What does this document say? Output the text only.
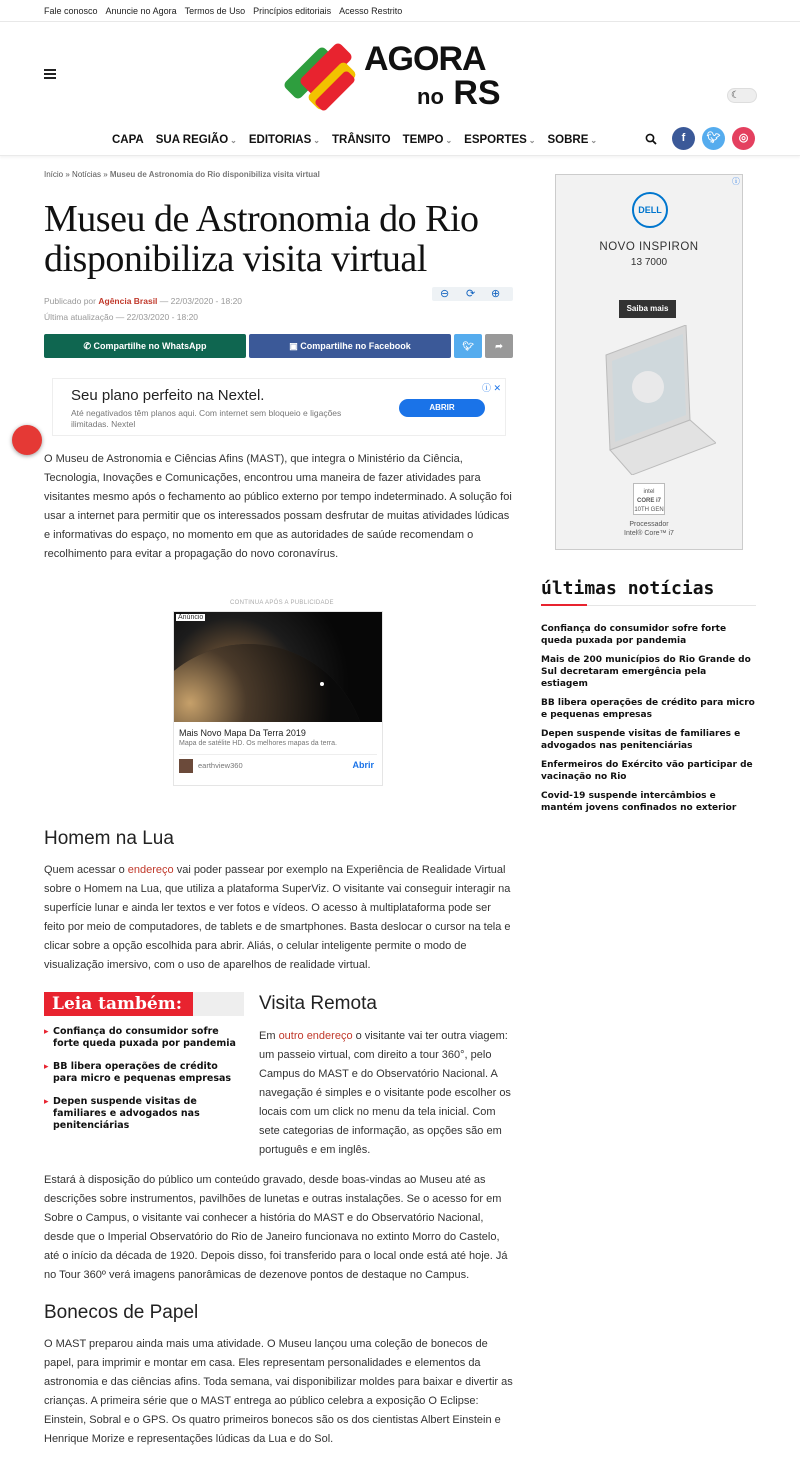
Fale conosco Anuncie no Agora Termos de Uso Princípios editoriais Acesso Restrito
AGORA
no RS	☾
CAPA SUA REGIÃO ⌄ EDITORIAS ⌄ TRÂNSITO TEMPO ⌄ ESPORTES ⌄ SOBRE ⌄	f	🐦︎	◎
Início » Notícias » Museu de Astronomia do Rio disponibiliza visita virtual
Museu de Astronomia do Rio disponibiliza visita virtual
Publicado por Agência Brasil — 22/03/2020 - 18:20
Última atualização — 22/03/2020 - 18:20
⊖ ⟳ ⊕
✆ Compartilhe no WhatsApp	▣ Compartilhe no Facebook	🐦︎	➦
Seu plano perfeito na Nextel.
Até negativados têm planos aqui. Com internet sem bloqueio e ligações ilimitadas. Nextel
ABRIR
ⓘ ✕

O Museu de Astronomia e Ciências Afins (MAST), que integra o Ministério da Ciência, Tecnologia, Inovações e Comunicações, encontrou uma maneira de fazer atividades para visitantes mesmo após o fechamento ao público externo por tempo indeterminado. A solução foi usar a internet para permitir que os interessados possam desfrutar de muitas atividades lúdicas e informativas do espaço, no momento em que as autoridades de saúde recomendam o recolhimento para evitar a propagação do novo coronavírus.

CONTINUA APÓS A PUBLICIDADE
Anúncio
Mais Novo Mapa Da Terra 2019
Mapa de satélite HD. Os melhores mapas da terra.
earthview360	Abrir
Homem na Lua

Quem acessar o endereço vai poder passear por exemplo na Experiência de Realidade Virtual sobre o Homem na Lua, que utiliza a plataforma SuperViz. O visitante vai conseguir interagir na superfície lunar e ainda ler textos e ver fotos e vídeos. O acesso à multiplataforma pode ser feito por meio de computadores, de tablets e de smartphones. Basta deslocar o cursor na tela e clicar sobre a opção escolhida para abrir. Aliás, o celular inteligente permite o modo de visualização imersivo, com o uso de aparelhos de realidade virtual.

Leia também:
▸ Confiança do consumidor sofre forte queda puxada por pandemia
▸ BB libera operações de crédito para micro e pequenas empresas
▸ Depen suspende visitas de familiares e advogados nas penitenciárias
Visita Remota

Em outro endereço o visitante vai ter outra viagem: um passeio virtual, com direito a tour 360°, pelo Campus do MAST e do Observatório Nacional. A navegação é simples e o visitante pode escolher os locais com um click no menu da tela inicial. Com sete categorias de informação, as opções são em português e em inglês.

Estará à disposição do público um conteúdo gravado, desde boas-vindas ao Museu até as descrições sobre instrumentos, pavilhões de lunetas e outras instalações. Se o acesso for em Sobre o Campus, o visitante vai conhecer a história do MAST e do Observatório Nacional, desde que o Imperial Observatório do Rio de Janeiro funcionava no extinto Morro do Castelo, até o início da década de 1920. Depois disso, foi transferido para o local onde está até hoje. Já no Tour 360º verá imagens panorâmicas de dezenove pontos de destaque no Campus.

Bonecos de Papel

O MAST preparou ainda mais uma atividade. O Museu lançou uma coleção de bonecos de papel, para imprimir e montar em casa. Eles representam personalidades e elementos da astronomia e das ciências afins. Toda semana, vai disponibilizar moldes para baixar e divertir as crianças. A primeira série que o MAST entrega ao público celebra a exposição O Eclipse: Einstein, Sobral e o GPS. Os quatro primeiros bonecos são os dos cientistas Albert Einstein e Henrique Morize e representações lúdicas da Lua e do Sol.

ⓘ
DELL
NOVO INSPIRON
13 7000
Saiba mais
intel
CORE i7
10TH GEN
Processador
Intel® Core™ i7
últimas notícias
Confiança do consumidor sofre forte queda puxada por pandemia
Mais de 200 municípios do Rio Grande do Sul decretaram emergência pela estiagem
BB libera operações de crédito para micro e pequenas empresas
Depen suspende visitas de familiares e advogados nas penitenciárias
Enfermeiros do Exército vão participar de vacinação no Rio
Covid-19 suspende intercâmbios e mantém jovens confinados no exterior
